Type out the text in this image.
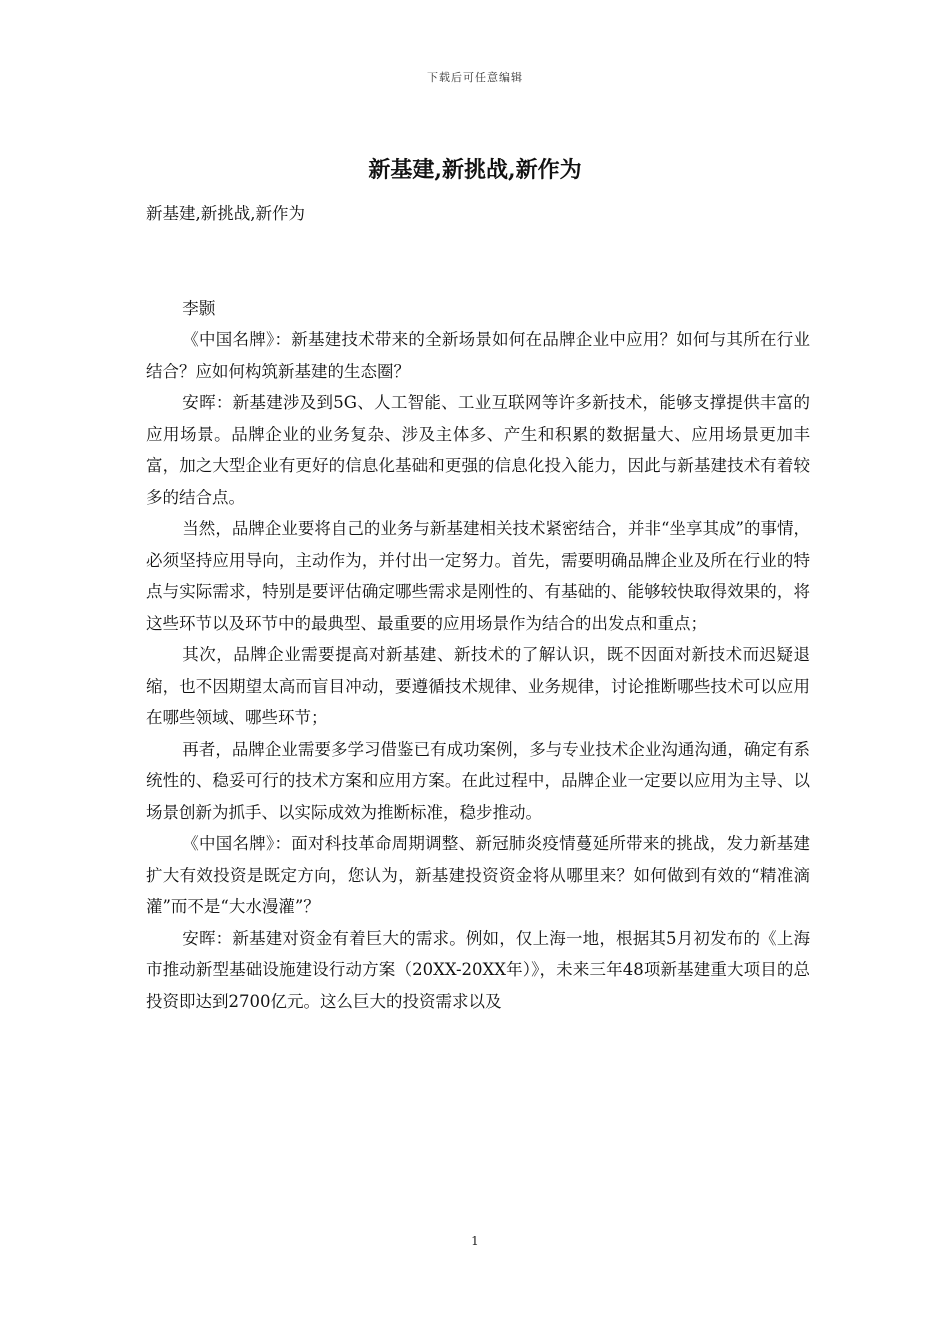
下载后可任意编辑
新基建,新挑战,新作为

新基建,新挑战,新作为

李颢

《中国名牌》：新基建技术带来的全新场景如何在品牌企业中应用？如何与其所在行业结合？应如何构筑新基建的生态圈？

安晖：新基建涉及到5G、人工智能、工业互联网等许多新技术，能够支撑提供丰富的应用场景。品牌企业的业务复杂、涉及主体多、产生和积累的数据量大、应用场景更加丰富，加之大型企业有更好的信息化基础和更强的信息化投入能力，因此与新基建技术有着较多的结合点。

当然，品牌企业要将自己的业务与新基建相关技术紧密结合，并非“坐享其成”的事情，必须坚持应用导向，主动作为，并付出一定努力。首先，需要明确品牌企业及所在行业的特点与实际需求，特别是要评估确定哪些需求是刚性的、有基础的、能够较快取得效果的，将这些环节以及环节中的最典型、最重要的应用场景作为结合的出发点和重点；

其次，品牌企业需要提高对新基建、新技术的了解认识，既不因面对新技术而迟疑退缩，也不因期望太高而盲目冲动，要遵循技术规律、业务规律，讨论推断哪些技术可以应用在哪些领域、哪些环节；

再者，品牌企业需要多学习借鉴已有成功案例，多与专业技术企业沟通沟通，确定有系统性的、稳妥可行的技术方案和应用方案。在此过程中，品牌企业一定要以应用为主导、以场景创新为抓手、以实际成效为推断标准，稳步推动。

《中国名牌》：面对科技革命周期调整、新冠肺炎疫情蔓延所带来的挑战，发力新基建扩大有效投资是既定方向，您认为，新基建投资资金将从哪里来？如何做到有效的“精准滴灌”而不是“大水漫灌”？

安晖：新基建对资金有着巨大的需求。例如，仅上海一地，根据其5月初发布的《上海市推动新型基础设施建设行动方案（20XX-20XX年）》，未来三年48项新基建重大项目的总投资即达到2700亿元。这么巨大的投资需求以及

1
